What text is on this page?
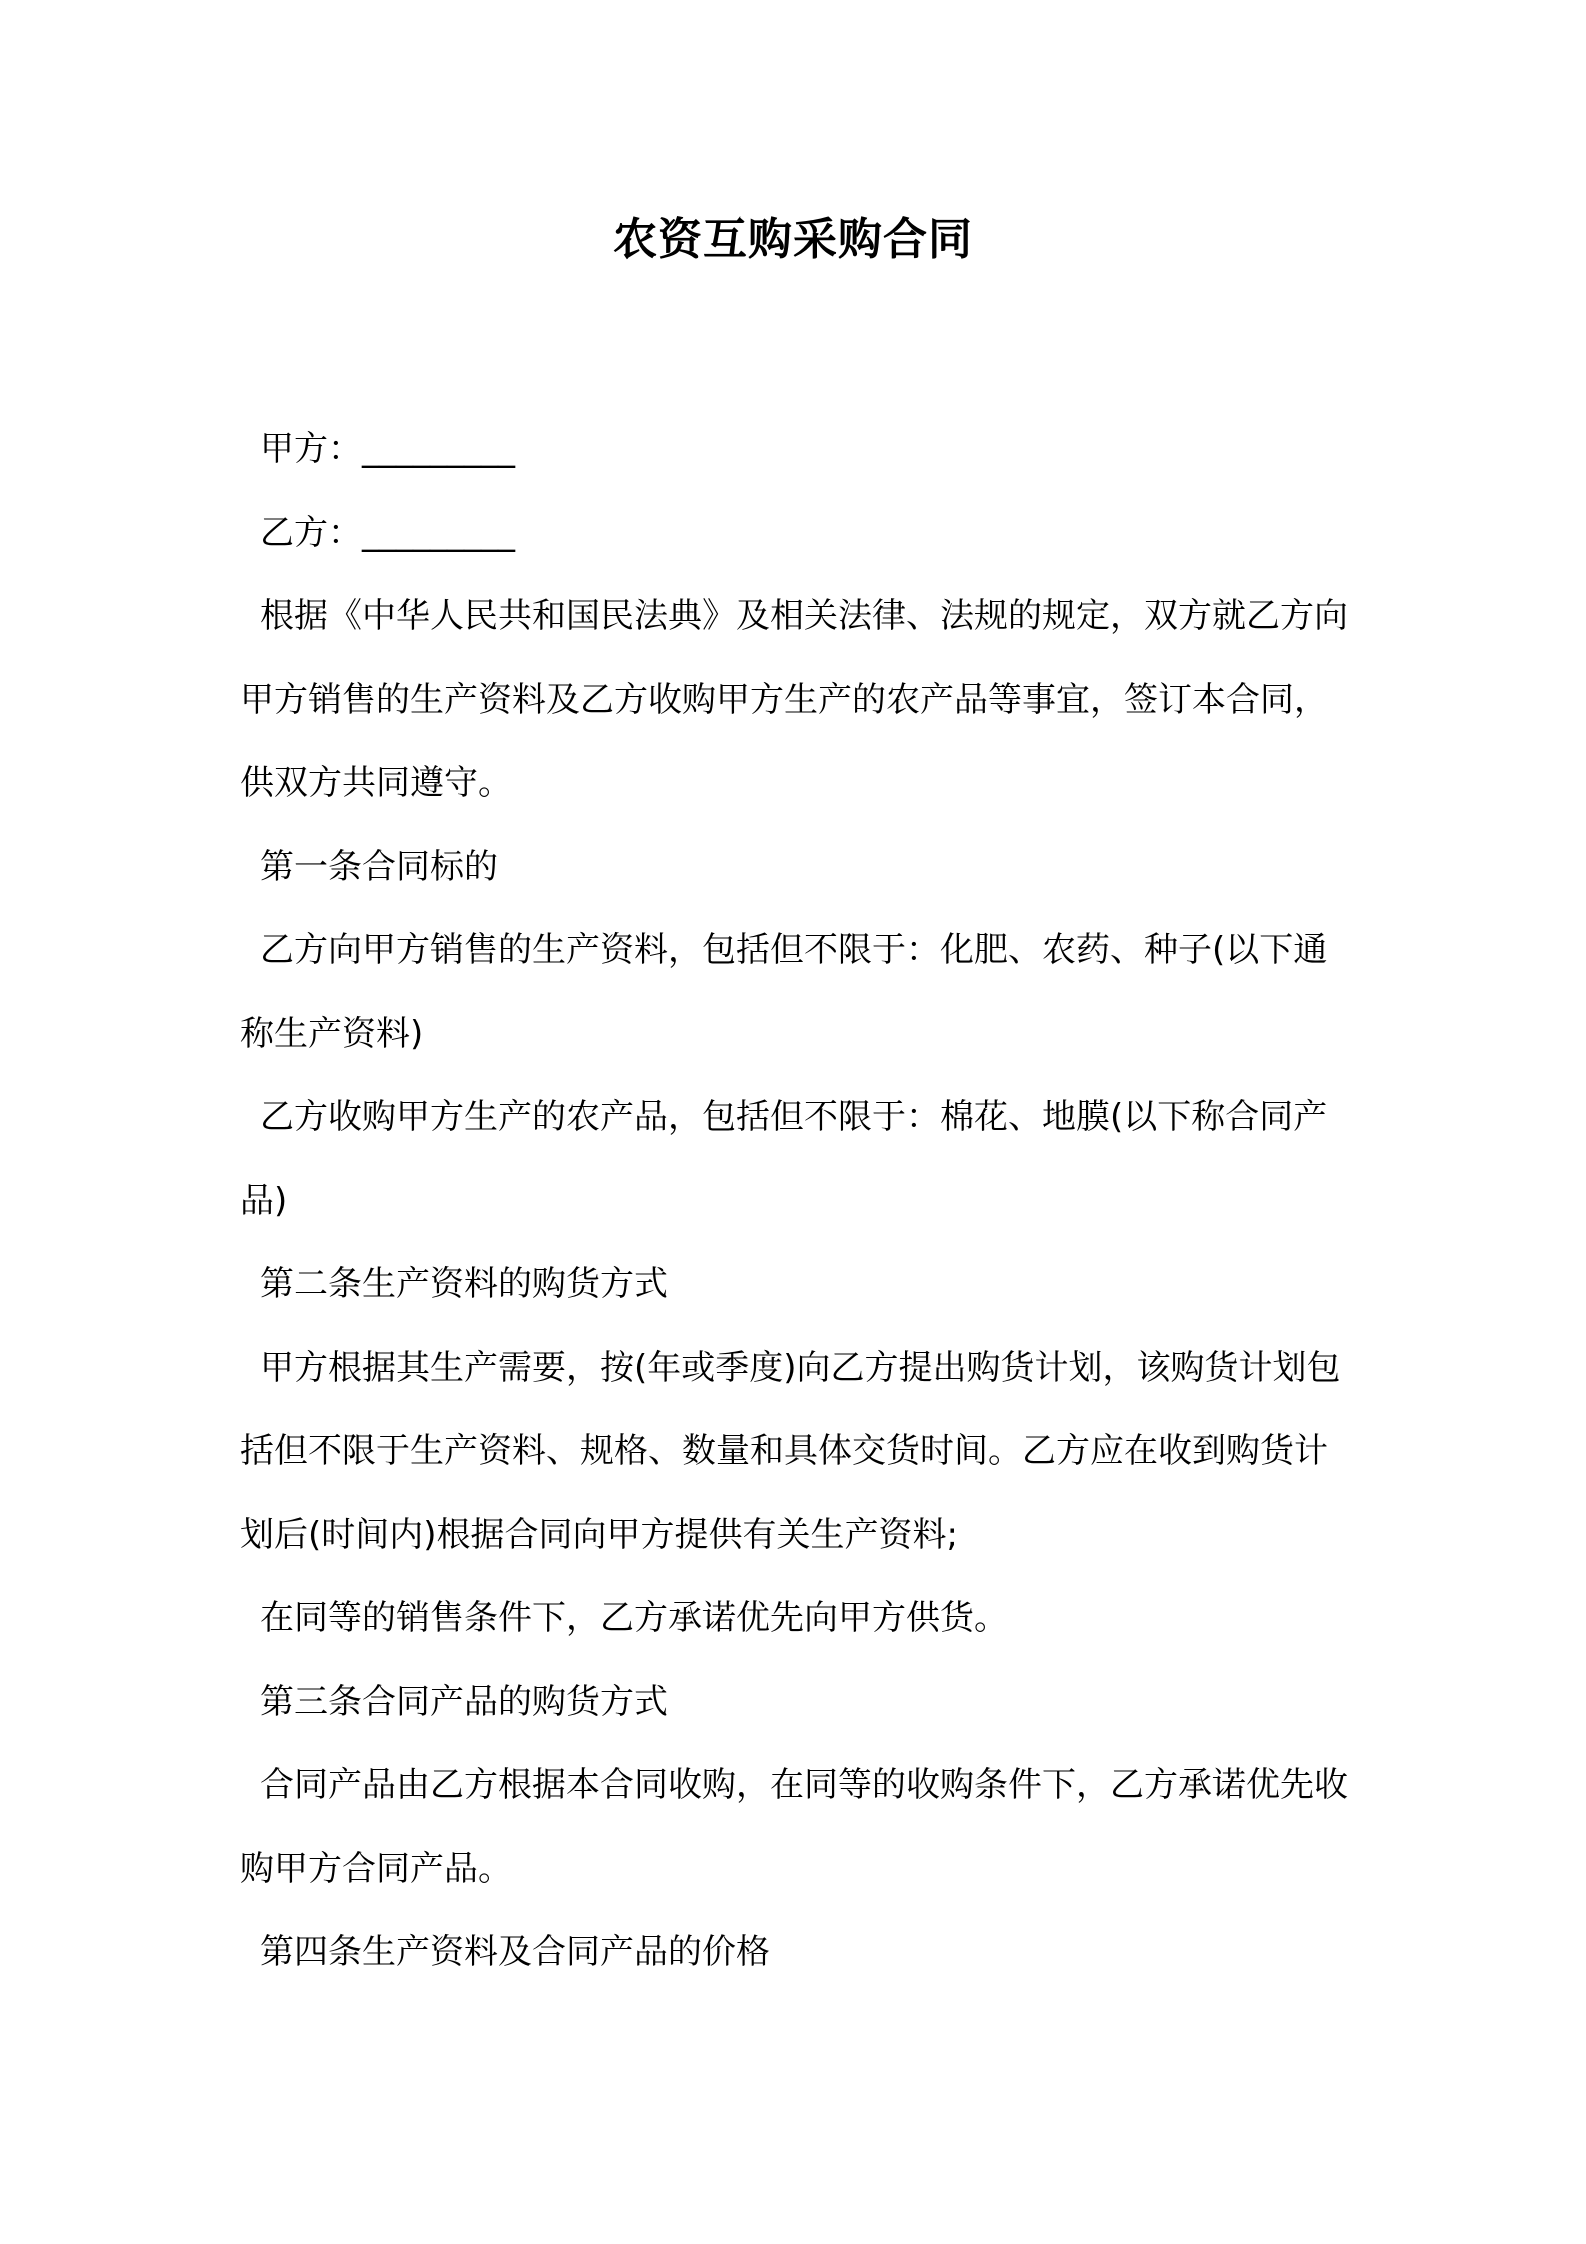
农资互购采购合同

甲方：_________

乙方：_________

根据《中华人民共和国民法典》及相关法律、法规的规定，双方就乙方向甲方销售的生产资料及乙方收购甲方生产的农产品等事宜，签订本合同，供双方共同遵守。

第一条合同标的

乙方向甲方销售的生产资料，包括但不限于：化肥、农药、种子(以下通称生产资料)

乙方收购甲方生产的农产品，包括但不限于：棉花、地膜(以下称合同产品)

第二条生产资料的购货方式

甲方根据其生产需要，按(年或季度)向乙方提出购货计划，该购货计划包括但不限于生产资料、规格、数量和具体交货时间。乙方应在收到购货计划后(时间内)根据合同向甲方提供有关生产资料;

在同等的销售条件下，乙方承诺优先向甲方供货。

第三条合同产品的购货方式

合同产品由乙方根据本合同收购，在同等的收购条件下，乙方承诺优先收购甲方合同产品。

第四条生产资料及合同产品的价格
